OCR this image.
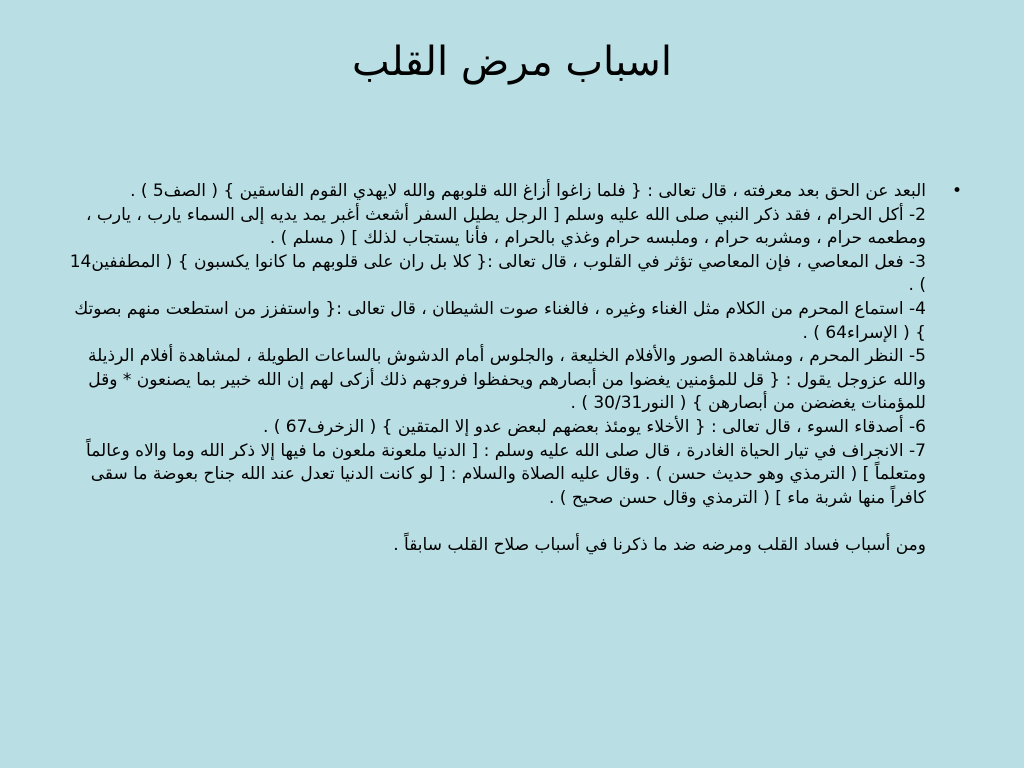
اسباب مرض القلب
•

البعد عن الحق بعد معرفته ، قال تعالى : { فلما زاغوا أزاغ الله قلوبهم والله لايهدي القوم الفاسقين } ( الصف5 ) .

2- أكل الحرام ، فقد ذكر النبي صلى الله عليه وسلم [ الرجل يطيل السفر أشعث أغبر يمد يديه إلى السماء يارب ، يارب ، ومطعمه حرام ، ومشربه حرام ، وملبسه حرام وغذي بالحرام ، فأنا يستجاب لذلك ] ( مسلم ) .

3- فعل المعاصي ، فإن المعاصي تؤثر في القلوب ، قال تعالى :{ كلا بل ران على قلوبهم ما كانوا يكسبون } ( المطففين14 ) .

4- استماع المحرم من الكلام مثل الغناء وغيره ، فالغناء صوت الشيطان ، قال تعالى :{ واستفزز من استطعت منهم بصوتك } ( الإسراء64 ) .

5- النظر المحرم ، ومشاهدة الصور والأفلام الخليعة ، والجلوس أمام الدشوش بالساعات الطويلة ، لمشاهدة أفلام الرذيلة والله عزوجل يقول : { قل للمؤمنين يغضوا من أبصارهم ويحفظوا فروجهم ذلك أزكى لهم إن الله خبير بما يصنعون * وقل للمؤمنات يغضضن من أبصارهن } ( النور30/31 ) .

6- أصدقاء السوء ، قال تعالى : { الأخلاء يومئذ بعضهم لبعض عدو إلا المتقين } ( الزخرف67 ) .

7- الانجراف في تيار الحياة الغادرة ، قال صلى الله عليه وسلم : [ الدنيا ملعونة ملعون ما فيها إلا ذكر الله وما والاه وعالماً ومتعلماً ] ( الترمذي وهو حديث حسن ) . وقال عليه الصلاة والسلام : [ لو كانت الدنيا تعدل عند الله جناح بعوضة ما سقى كافراً منها شربة ماء ] ( الترمذي وقال حسن صحيح ) .

ومن أسباب فساد القلب ومرضه ضد ما ذكرنا في أسباب صلاح القلب سابقاً .
